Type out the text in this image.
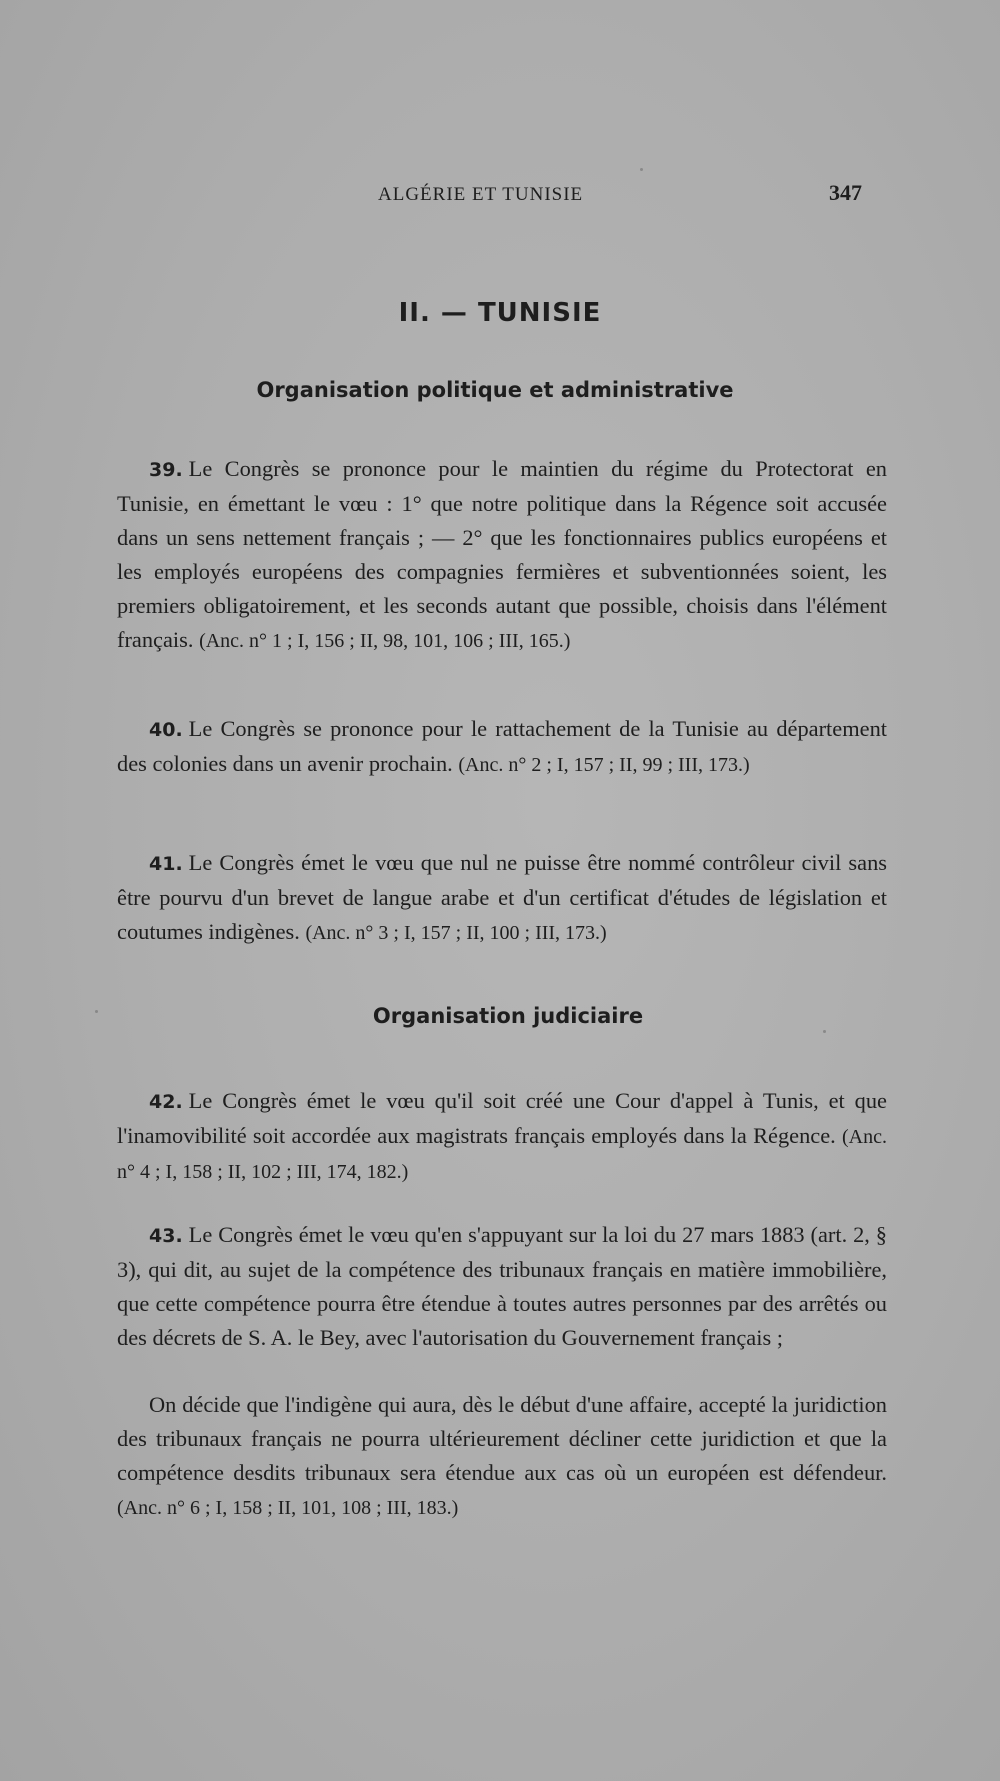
ALGÉRIE ET TUNISIE	347
II. — TUNISIE
Organisation politique et administrative
39. Le Congrès se prononce pour le maintien du régime du Protectorat en Tunisie, en émettant le vœu : 1° que notre politique dans la Régence soit accusée dans un sens nettement français ; — 2° que les fonctionnaires publics européens et les employés européens des compagnies fermières et subventionnées soient, les premiers obligatoirement, et les seconds autant que possible, choisis dans l'élément français. (Anc. n° 1 ; I, 156 ; II, 98, 101, 106 ; III, 165.)
40. Le Congrès se prononce pour le rattachement de la Tunisie au département des colonies dans un avenir prochain. (Anc. n° 2 ; I, 157 ; II, 99 ; III, 173.)
41. Le Congrès émet le vœu que nul ne puisse être nommé contrôleur civil sans être pourvu d'un brevet de langue arabe et d'un certificat d'études de législation et coutumes indigènes. (Anc. n° 3 ; I, 157 ; II, 100 ; III, 173.)
Organisation judiciaire
42. Le Congrès émet le vœu qu'il soit créé une Cour d'appel à Tunis, et que l'inamovibilité soit accordée aux magistrats français employés dans la Régence. (Anc. n° 4 ; I, 158 ; II, 102 ; III, 174, 182.)
43. Le Congrès émet le vœu qu'en s'appuyant sur la loi du 27 mars 1883 (art. 2, § 3), qui dit, au sujet de la compétence des tribunaux français en matière immobilière, que cette compétence pourra être étendue à toutes autres personnes par des arrêtés ou des décrets de S. A. le Bey, avec l'autorisation du Gouvernement français ;
On décide que l'indigène qui aura, dès le début d'une affaire, accepté la juridiction des tribunaux français ne pourra ultérieurement décliner cette juridiction et que la compétence desdits tribunaux sera étendue aux cas où un européen est défendeur. (Anc. n° 6 ; I, 158 ; II, 101, 108 ; III, 183.)
